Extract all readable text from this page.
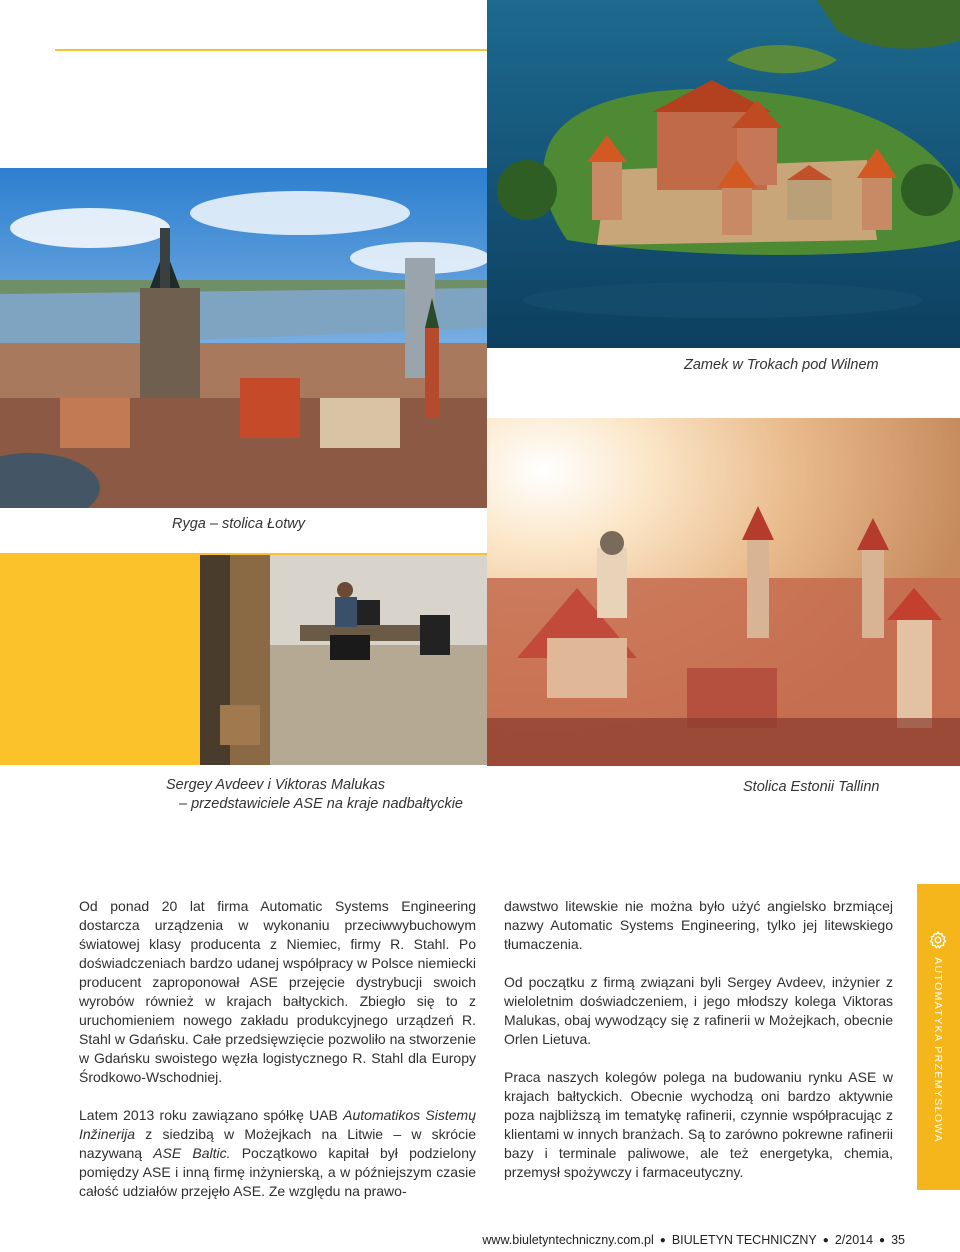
Zamek w Trokach pod Wilnem
Ryga – stolica Łotwy
Sergey Avdeev i Viktoras Malukas
– przedstawiciele ASE na kraje nadbałtyckie
Stolica Estonii Tallinn

Od ponad 20 lat firma Automatic Systems Engineering dostarcza urządzenia w wykonaniu przeciwwybuchowym światowej klasy producenta z Niemiec, firmy R. Stahl. Po doświadczeniach bardzo udanej współpracy w Polsce niemiecki producent zaproponował ASE przejęcie dystrybucji swoich wyrobów również w krajach bałtyckich. Zbiegło się to z uruchomieniem nowego zakładu produkcyjnego urządzeń R. Stahl w Gdańsku. Całe przedsięwzięcie pozwoliło na stworzenie w Gdańsku swoistego węzła logistycznego R. Stahl dla Europy Środkowo-Wschodniej.

Latem 2013 roku zawiązano spółkę UAB Automatikos Sistemų Inžinerija z siedzibą w Możejkach na Litwie – w skrócie nazywaną ASE Baltic. Początkowo kapitał był podzielony pomiędzy ASE i inną firmę inżynierską, a w późniejszym czasie całość udziałów przejęło ASE. Ze względu na prawo-

dawstwo litewskie nie można było użyć angielsko brzmiącej nazwy Automatic Systems Engineering, tylko jej litewskiego tłumaczenia.

Od początku z firmą związani byli Sergey Avdeev, inżynier z wieloletnim doświadczeniem, i jego młodszy kolega Viktoras Malukas, obaj wywodzący się z rafinerii w Możejkach, obecnie Orlen Lietuva.

Praca naszych kolegów polega na budowaniu rynku ASE w krajach bałtyckich. Obecnie wychodzą oni bardzo aktywnie poza najbliższą im tematykę rafinerii, czynnie współpracując z klientami w innych branżach. Są to zarówno pokrewne rafinerii bazy i terminale paliwowe, ale też energetyka, chemia, przemysł spożywczy i farmaceutyczny.

AUTOMATYKA PRZEMYSŁOWA
www.biuletyntechniczny.com.pl ● BIULETYN TECHNICZNY ● 2/2014 ● 35
